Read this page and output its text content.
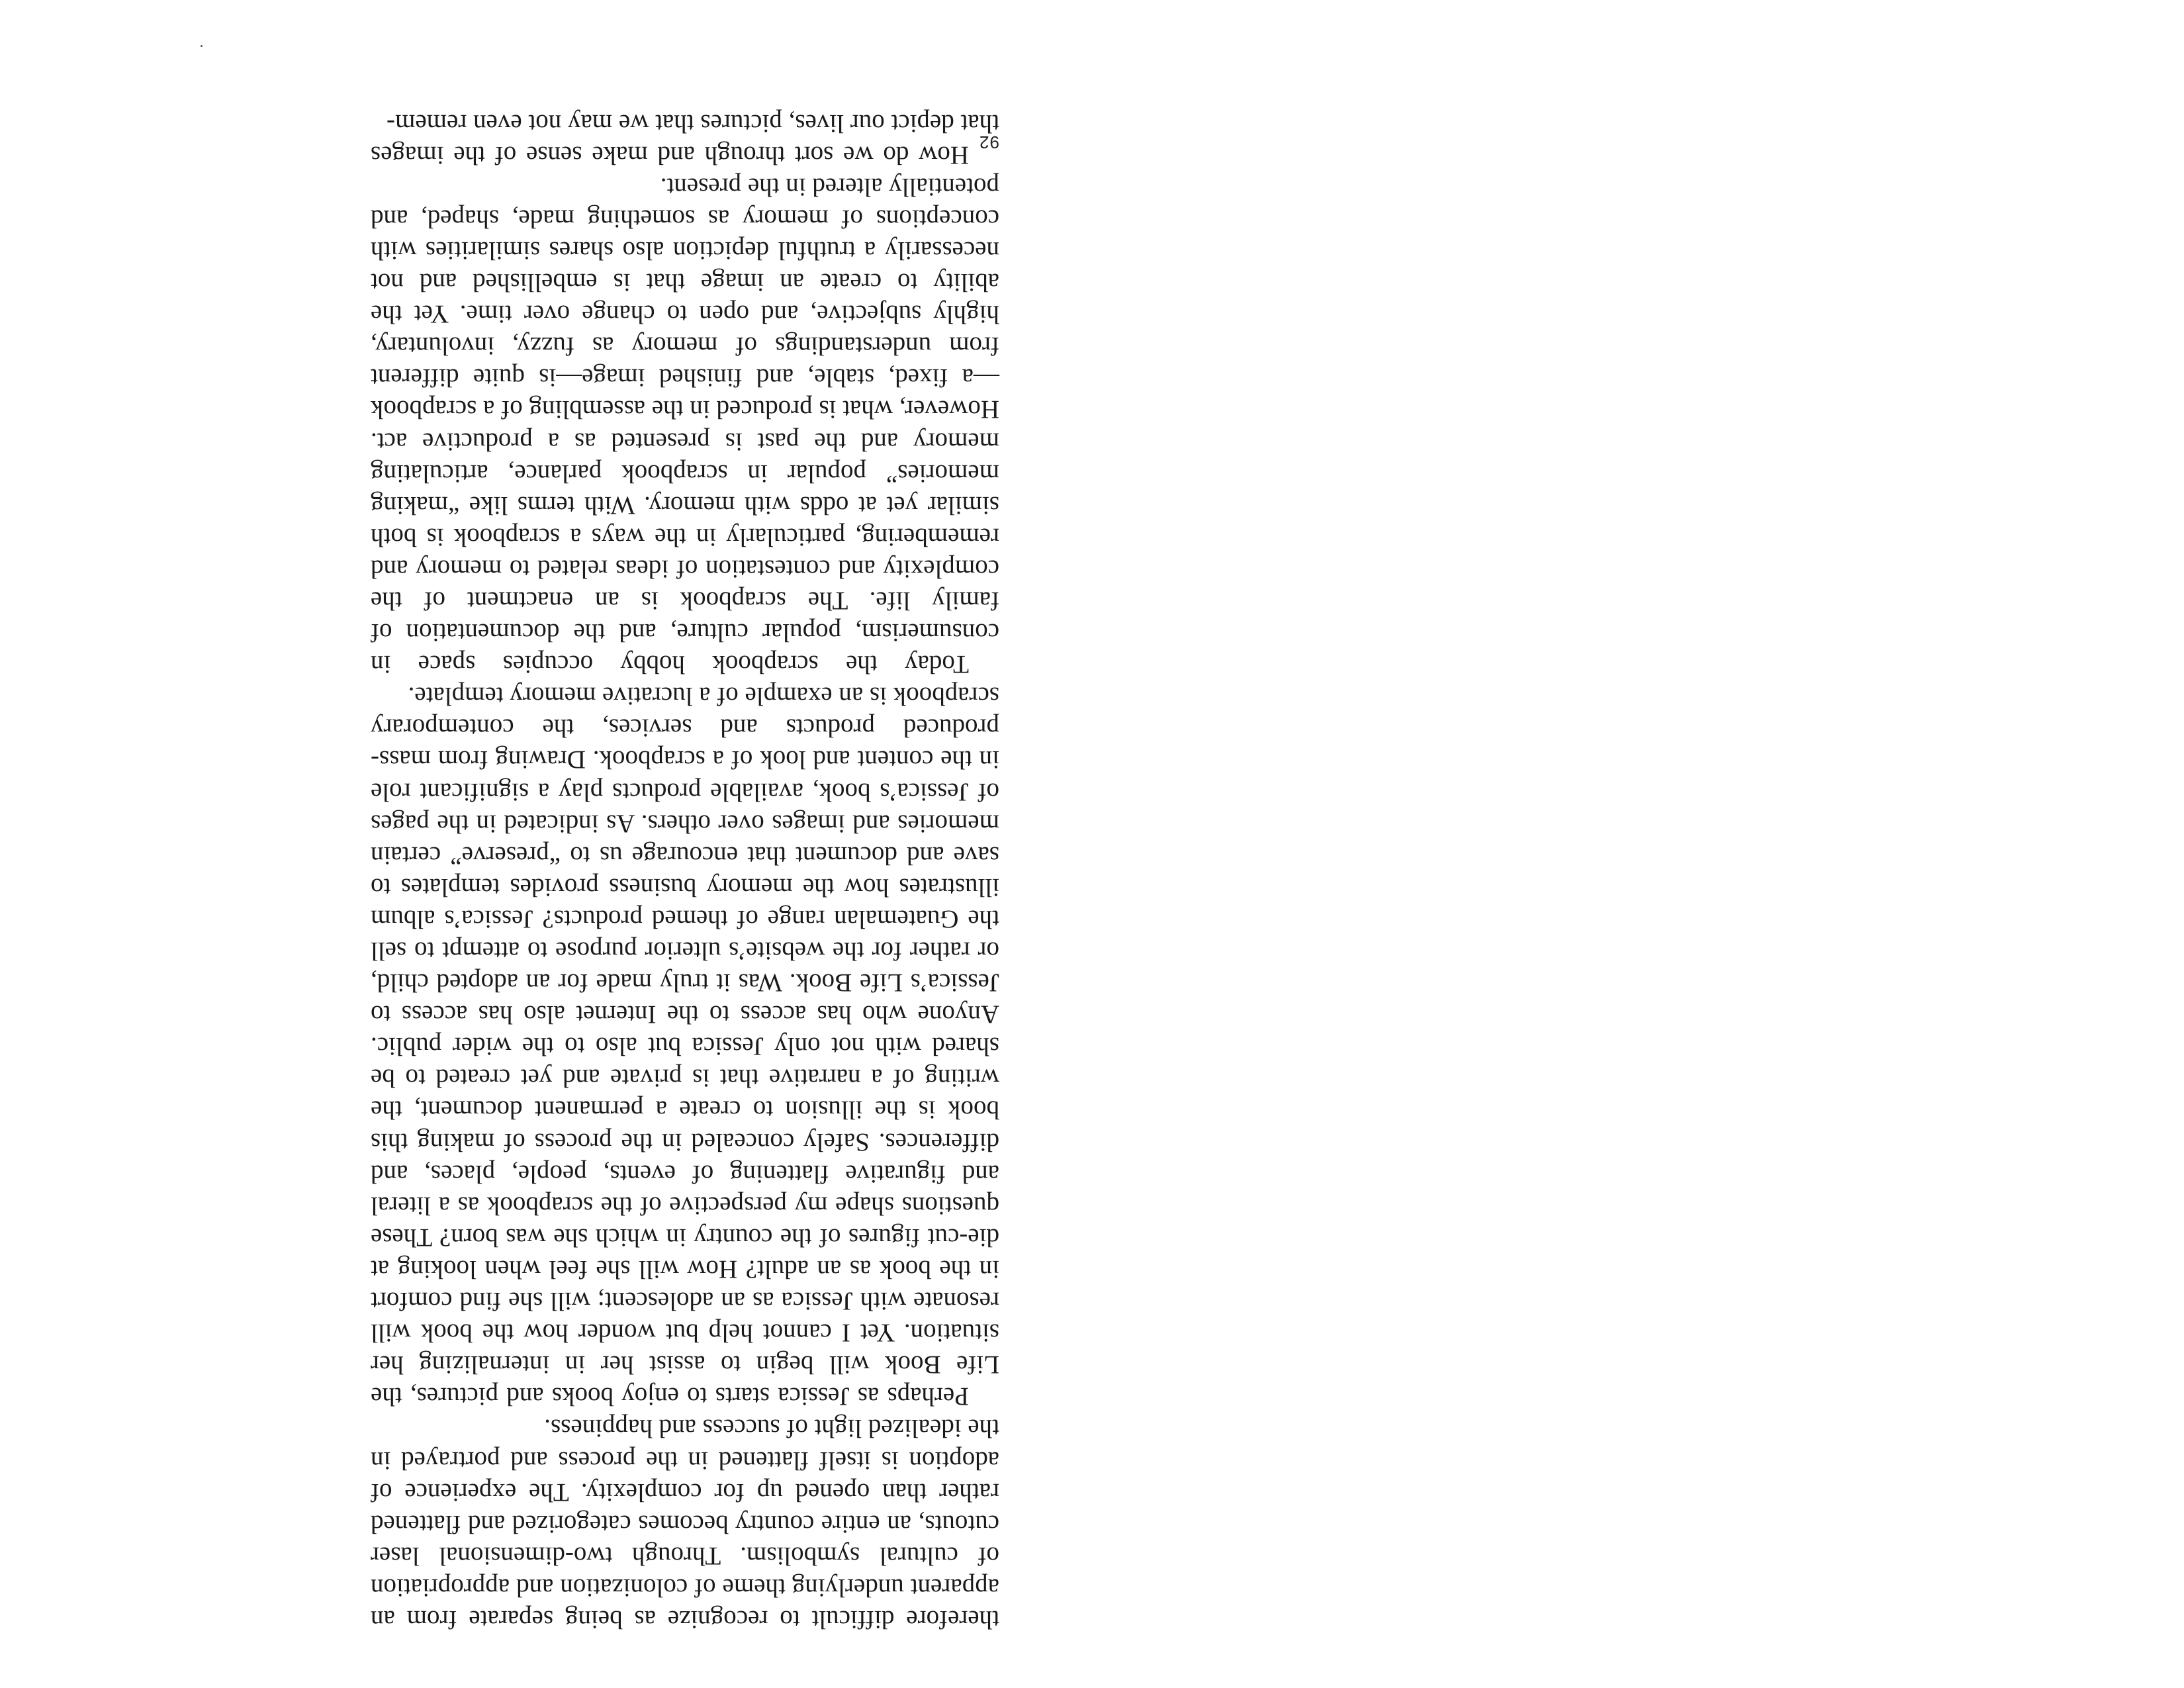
therefore difficult to recognize as being separate from an apparent underlying theme of colonization and appropriation of cultural symbolism. Through two-dimensional laser cutouts, an entire country becomes categorized and flattened rather than opened up for complexity. The experience of adoption is itself flattened in the process and portrayed in the idealized light of success and happiness.

Perhaps as Jessica starts to enjoy books and pictures, the Life Book will begin to assist her in internalizing her situation. Yet I cannot help but wonder how the book will resonate with Jessica as an adolescent; will she find comfort in the book as an adult? How will she feel when looking at die-cut figures of the country in which she was born? These questions shape my perspective of the scrapbook as a literal and figurative flattening of events, people, places, and differences. Safely concealed in the process of making this book is the illusion to create a permanent document, the writing of a narrative that is private and yet created to be shared with not only Jessica but also to the wider public. Anyone who has access to the Internet also has access to Jessica’s Life Book. Was it truly made for an adopted child, or rather for the website’s ulterior purpose to attempt to sell the Guatemalan range of themed products? Jessica’s album illustrates how the memory business provides templates to save and document that encourage us to “preserve” certain memories and images over others. As indicated in the pages of Jessica’s book, available products play a significant role in the content and look of a scrapbook. Drawing from mass-produced products and services, the contemporary scrapbook is an example of a lucrative memory template.

Today the scrapbook hobby occupies space in consumerism, popular culture, and the documentation of family life. The scrapbook is an enactment of the complexity and contestation of ideas related to memory and remembering, particularly in the ways a scrapbook is both similar yet at odds with memory. With terms like “making memories” popular in scrapbook parlance, articulating memory and the past is presented as a productive act. However, what is produced in the assembling of a scrapbook—a fixed, stable, and finished image—is quite different from understandings of memory as fuzzy, involuntary, highly subjective, and open to change over time. Yet the ability to create an image that is embellished and not necessarily a truthful depiction also shares similarities with conceptions of memory as something made, shaped, and potentially altered in the present.

How do we sort through and make sense of the images that depict our lives, pictures that we may not even remem-

92
